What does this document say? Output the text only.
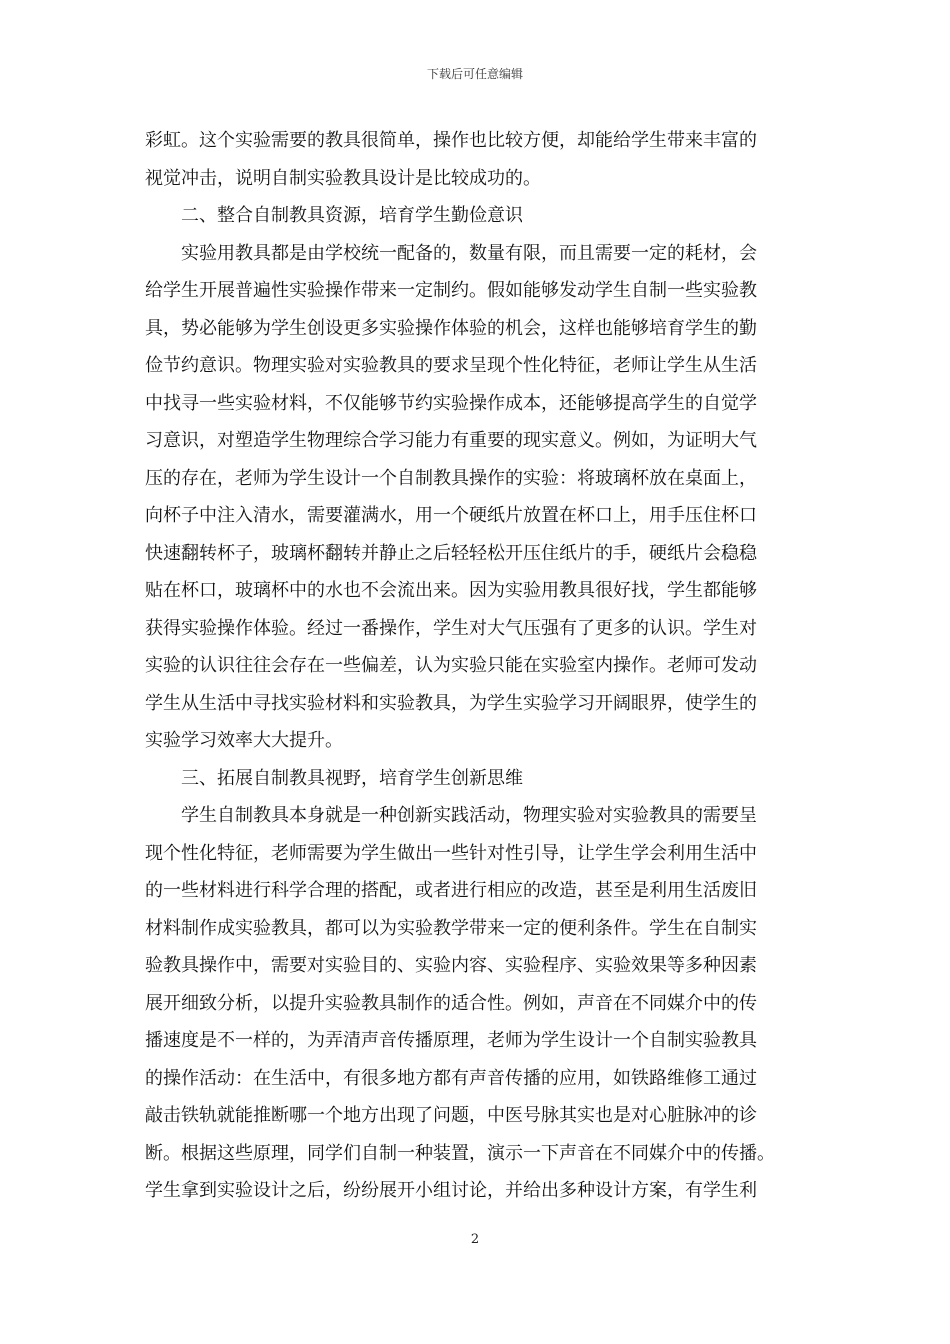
下载后可任意编辑
彩虹。这个实验需要的教具很简单，操作也比较方便，却能给学生带来丰富的
视觉冲击，说明自制实验教具设计是比较成功的。
二、整合自制教具资源，培育学生勤俭意识
实验用教具都是由学校统一配备的，数量有限，而且需要一定的耗材，会
给学生开展普遍性实验操作带来一定制约。假如能够发动学生自制一些实验教
具，势必能够为学生创设更多实验操作体验的机会，这样也能够培育学生的勤
俭节约意识。物理实验对实验教具的要求呈现个性化特征，老师让学生从生活
中找寻一些实验材料，不仅能够节约实验操作成本，还能够提高学生的自觉学
习意识，对塑造学生物理综合学习能力有重要的现实意义。例如，为证明大气
压的存在，老师为学生设计一个自制教具操作的实验：将玻璃杯放在桌面上，
向杯子中注入清水，需要灌满水，用一个硬纸片放置在杯口上，用手压住杯口
快速翻转杯子，玻璃杯翻转并静止之后轻轻松开压住纸片的手，硬纸片会稳稳
贴在杯口，玻璃杯中的水也不会流出来。因为实验用教具很好找，学生都能够
获得实验操作体验。经过一番操作，学生对大气压强有了更多的认识。学生对
实验的认识往往会存在一些偏差，认为实验只能在实验室内操作。老师可发动
学生从生活中寻找实验材料和实验教具，为学生实验学习开阔眼界，使学生的
实验学习效率大大提升。
三、拓展自制教具视野，培育学生创新思维
学生自制教具本身就是一种创新实践活动，物理实验对实验教具的需要呈
现个性化特征，老师需要为学生做出一些针对性引导，让学生学会利用生活中
的一些材料进行科学合理的搭配，或者进行相应的改造，甚至是利用生活废旧
材料制作成实验教具，都可以为实验教学带来一定的便利条件。学生在自制实
验教具操作中，需要对实验目的、实验内容、实验程序、实验效果等多种因素
展开细致分析，以提升实验教具制作的适合性。例如，声音在不同媒介中的传
播速度是不一样的，为弄清声音传播原理，老师为学生设计一个自制实验教具
的操作活动：在生活中，有很多地方都有声音传播的应用，如铁路维修工通过
敲击铁轨就能推断哪一个地方出现了问题，中医号脉其实也是对心脏脉冲的诊
断。根据这些原理，同学们自制一种装置，演示一下声音在不同媒介中的传播。
学生拿到实验设计之后，纷纷展开小组讨论，并给出多种设计方案，有学生利
2
